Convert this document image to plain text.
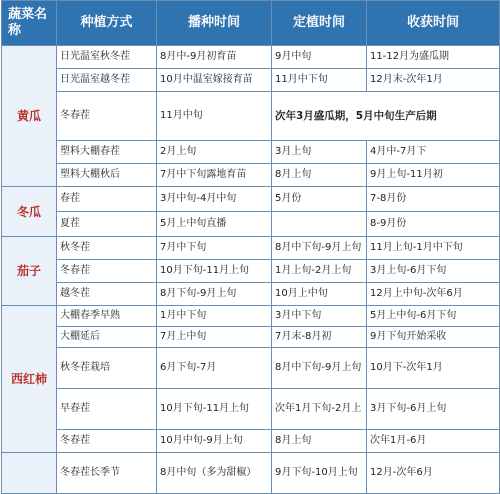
蔬菜名称	种植方式	播种时间	定植时间	收获时间
黄瓜	日光温室秋冬茬	8月中-9月初育苗	9月中旬	11-12月为盛瓜期
	日光温室越冬茬	10月中温室嫁接育苗	11月中下旬	12月末-次年1月
	冬春茬	11月中旬	次年3月盛瓜期，5月中旬生产后期	
	塑料大棚春茬	2月上旬	3月上旬	4月中-7月下
	塑料大棚秋后	7月中下旬露地育苗	8月上旬	9月上旬-11月初
冬瓜	春茬	3月中旬-4月中旬	5月份	7-8月份
	夏茬	5月上中旬直播		8-9月份
茄子	秋冬茬	7月中下旬	8月中下旬-9月上旬	11月上旬-1月中下旬
	冬春茬	10月下旬-11月上旬	1月上旬-2月上旬	3月上旬-6月下旬
	越冬茬	8月下旬-9月上旬	10月上中旬	12月上中旬-次年6月
西红柿	大棚春季早熟	1月中下旬	3月中下旬	5月上中旬-6月下旬
	大棚延后	7月上中旬	7月末-8月初	9月下旬开始采收
	秋冬茬栽培	6月下旬-7月	8月中下旬-9月上旬	10月下-次年1月
	早春茬	10月下旬-11月上旬	次年1月下旬-2月上	3月下旬-6月上旬
	冬春茬	10月中旬-9月上旬	8月上旬	次年1月-6月
	冬春茬长季节	8月中旬（多为甜椒）	9月下旬-10月上旬	12月-次年6月
